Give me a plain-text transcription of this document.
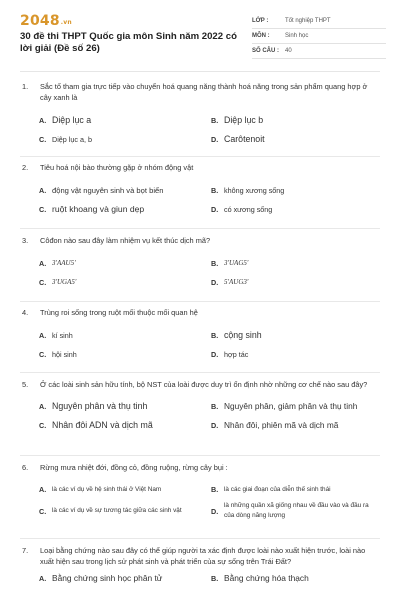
2048.vn
30 đề thi THPT Quốc gia môn Sinh năm 2022 có lời giải (Đề số 26)
LỚP :	Tốt nghiệp THPT
MÔN :	Sinh học
SỐ CÂU :	40
1.	Sắc tố tham gia trực tiếp vào chuyển hoá quang năng thành hoá năng trong sản phẩm quang hợp ở cây xanh là
A. Diệp lục a	B. Diệp lục b
C. Diệp lục a, b	D. Carôtenoit
2.	Tiêu hoá nội bào thường gặp ở nhóm động vật
A. động vật nguyên sinh và bọt biển	B. không xương sống
C. ruột khoang và giun dẹp	D. có xương sống
3.	Côđon nào sau đây làm nhiệm vụ kết thúc dịch mã?
A. 3'AAU5'	B. 3'UAG5'
C. 3'UGA5'	D. 5'AUG3'
4.	Trùng roi sống trong ruột mối thuộc mối quan hệ
A. kí sinh	B. cộng sinh
C. hội sinh	D. hợp tác
5.	Ở các loài sinh sản hữu tính, bộ NST của loài được duy trì ổn định nhờ những cơ chế nào sau đây?
A. Nguyên phân và thụ tinh	B. Nguyên phân, giảm phân và thụ tinh
C. Nhân đôi ADN và dịch mã	D. Nhân đôi, phiên mã và dịch mã
6.	Rừng mưa nhiệt đới, đồng cỏ, đồng ruộng, rừng cây bụi :
A. là các ví dụ về hệ sinh thái ở Việt Nam	B. là các giai đoạn của diễn thế sinh thái
C. là các ví dụ về sự tương tác giữa các sinh vật	D.
là những quần xã giống nhau về đầu vào và đầu ra của dòng năng lượng
7.	Loại bằng chứng nào sau đây có thể giúp người ta xác định được loài nào xuất hiện trước, loài nào xuất hiện sau trong lịch sử phát sinh và phát triển của sự sống trên Trái Đất?
A. Bằng chứng sinh học phân tử	B. Bằng chứng hóa thạch
